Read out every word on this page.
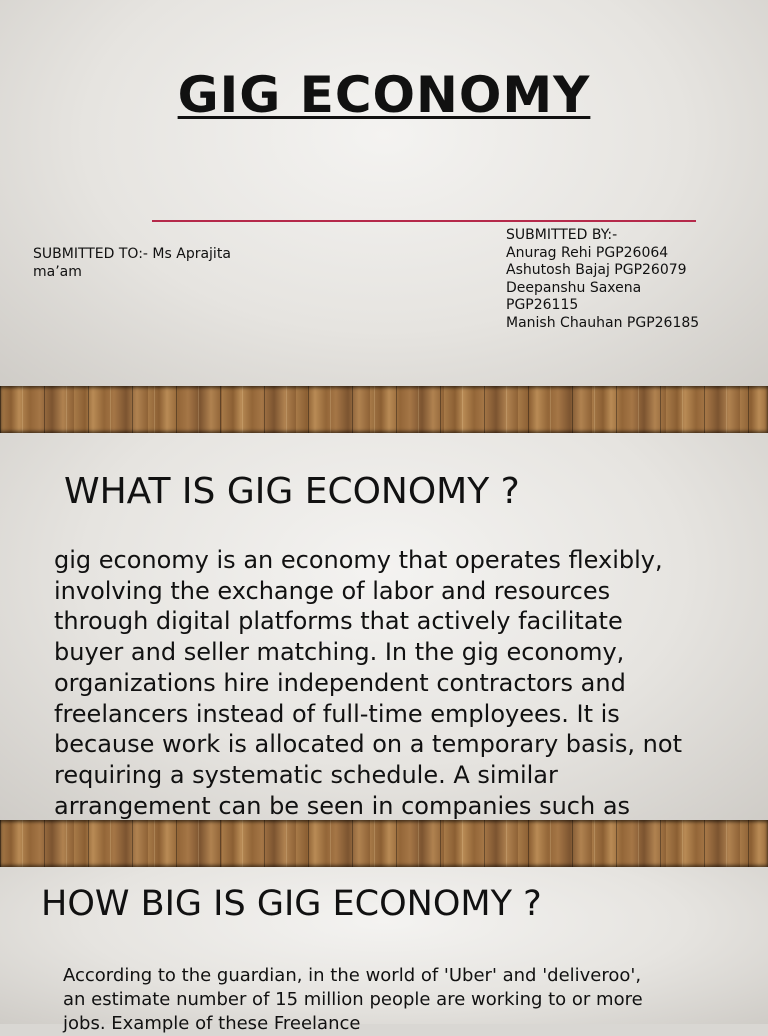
GIG ECONOMY
SUBMITTED TO:- Ms Aprajita ma’am
SUBMITTED BY:-
Anurag Rehi PGP26064
Ashutosh Bajaj PGP26079
Deepanshu Saxena
PGP26115
Manish Chauhan PGP26185
WHAT IS GIG ECONOMY ?
gig economy is an economy that operates flexibly, involving the exchange of labor and resources through digital platforms that actively facilitate buyer and seller matching. In the gig economy, organizations hire independent contractors and freelancers instead of full-time employees. It is because work is allocated on a temporary basis, not requiring a systematic schedule. A similar arrangement can be seen in companies such as
HOW BIG IS GIG ECONOMY ?
According to the guardian, in the world of 'Uber' and 'deliveroo', an estimate number of 15 million people are working to or more jobs. Example of these Freelance
